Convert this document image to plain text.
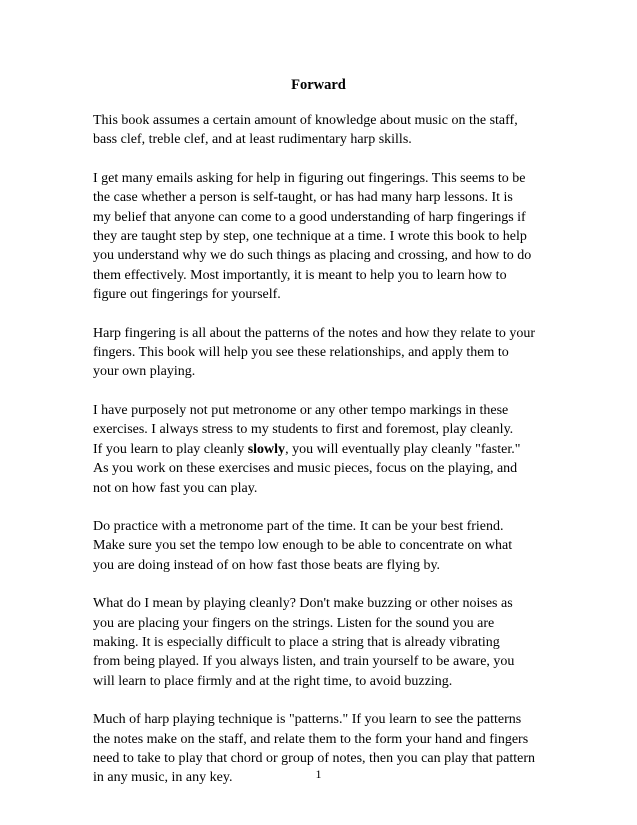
Forward

This book assumes a certain amount of knowledge about music on the staff,
bass clef, treble clef, and at least rudimentary harp skills.

I get many emails asking for help in figuring out fingerings. This seems to be
the case whether a person is self-taught, or has had many harp lessons. It is
my belief that anyone can come to a good understanding of harp fingerings if
they are taught step by step, one technique at a time. I wrote this book to help
you understand why we do such things as placing and crossing, and how to do
them effectively. Most importantly, it is meant to help you to learn how to
figure out fingerings for yourself.

Harp fingering is all about the patterns of the notes and how they relate to your
fingers. This book will help you see these relationships, and apply them to
your own playing.

I have purposely not put metronome or any other tempo markings in these
exercises. I always stress to my students to first and foremost, play cleanly.
If you learn to play cleanly slowly, you will eventually play cleanly "faster."
As you work on these exercises and music pieces, focus on the playing, and
not on how fast you can play.

Do practice with a metronome part of the time. It can be your best friend.
Make sure you set the tempo low enough to be able to concentrate on what
you are doing instead of on how fast those beats are flying by.

What do I mean by playing cleanly? Don't make buzzing or other noises as
you are placing your fingers on the strings. Listen for the sound you are
making. It is especially difficult to place a string that is already vibrating
from being played. If you always listen, and train yourself to be aware, you
will learn to place firmly and at the right time, to avoid buzzing.

Much of harp playing technique is "patterns." If you learn to see the patterns
the notes make on the staff, and relate them to the form your hand and fingers
need to take to play that chord or group of notes, then you can play that pattern
in any music, in any key.	1
